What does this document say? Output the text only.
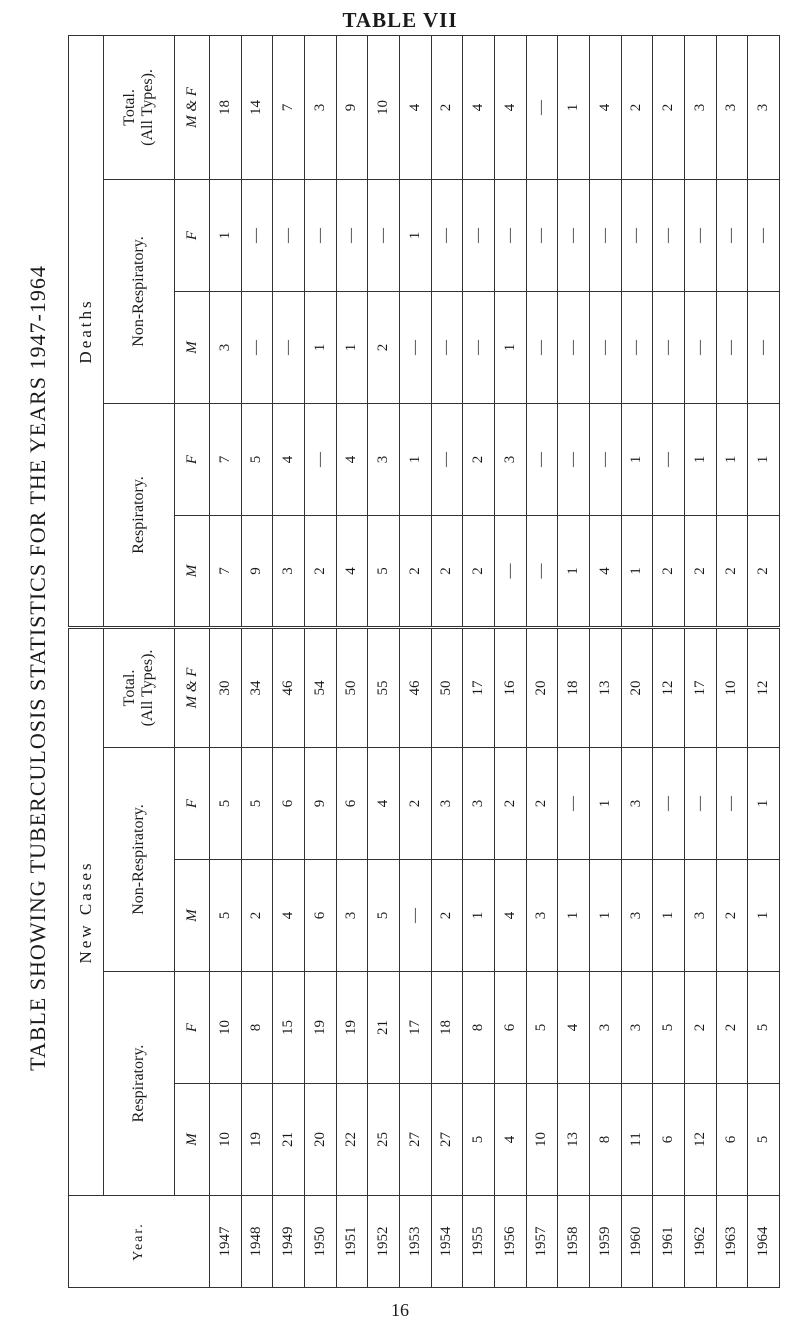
TABLE VII
TABLE SHOWING TUBERCULOSIS STATISTICS FOR THE YEARS 1947-1964
Year.	New Cases					Deaths				
	Respiratory.		Non-Respiratory.		Total.
(All Types).	Respiratory.		Non-Respiratory.		Total.
(All Types).
	M	F	M	F	M & F	M	F	M	F	M & F
1947	10	10	5	5	30	7	7	3	1	18
1948	19	8	2	5	34	9	5	—	—	14
1949	21	15	4	6	46	3	4	—	—	7
1950	20	19	6	9	54	2	—	1	—	3
1951	22	19	3	6	50	4	4	1	—	9
1952	25	21	5	4	55	5	3	2	—	10
1953	27	17	—	2	46	2	1	—	1	4
1954	27	18	2	3	50	2	—	—	—	2
1955	5	8	1	3	17	2	2	—	—	4
1956	4	6	4	2	16	—	3	1	—	4
1957	10	5	3	2	20	—	—	—	—	—
1958	13	4	1	—	18	1	—	—	—	1
1959	8	3	1	1	13	4	—	—	—	4
1960	11	3	3	3	20	1	1	—	—	2
1961	6	5	1	—	12	2	—	—	—	2
1962	12	2	3	—	17	2	1	—	—	3
1963	6	2	2	—	10	2	1	—	—	3
1964	5	5	1	1	12	2	1	—	—	3
16
